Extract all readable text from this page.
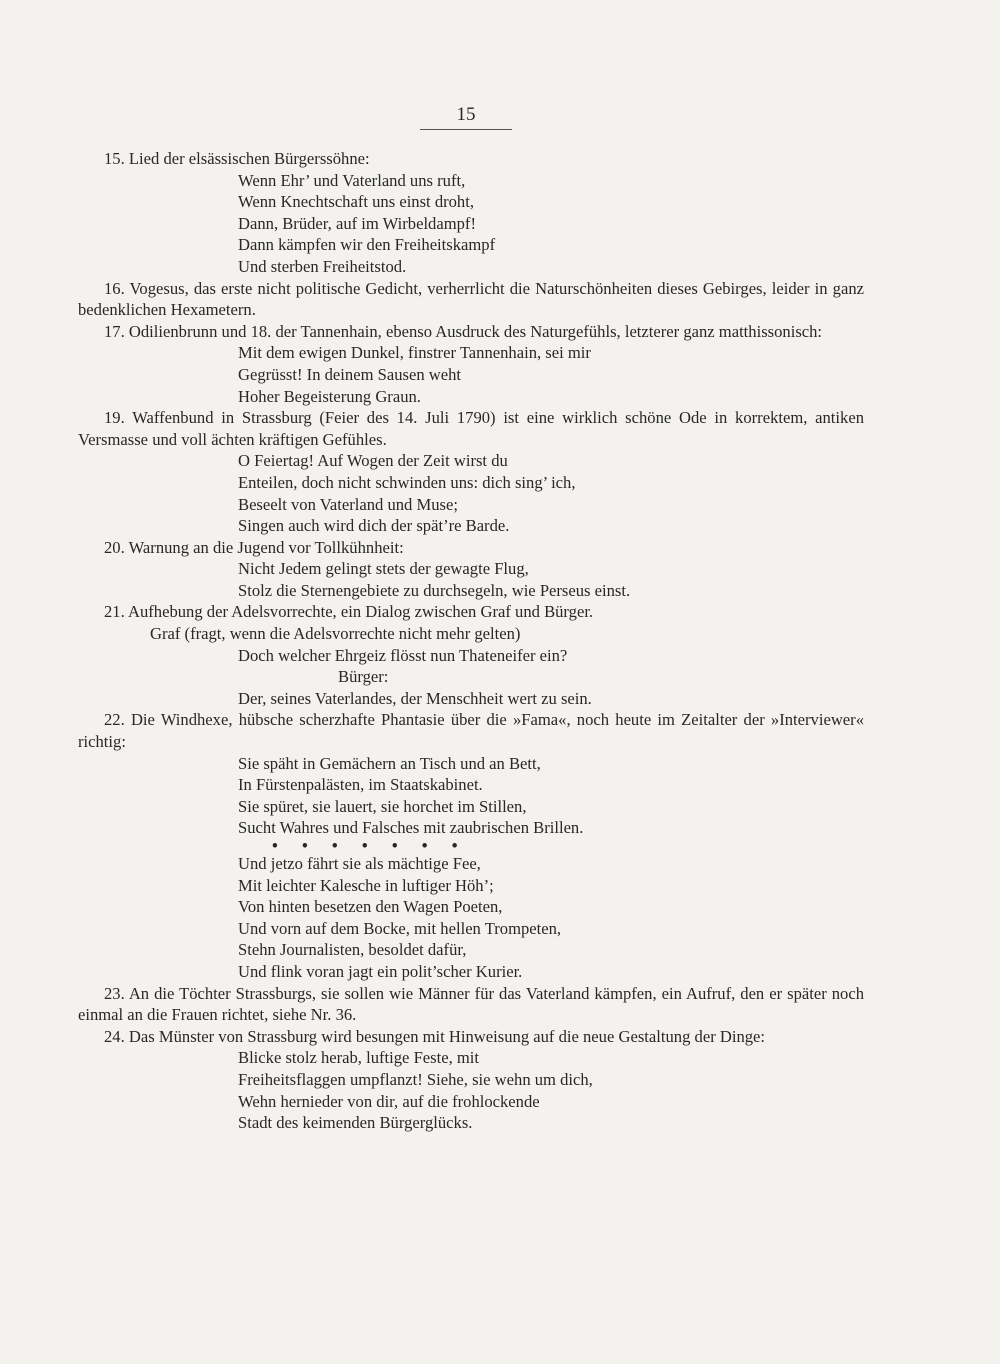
15

15. Lied der elsässischen Bürgerssöhne:

Wenn Ehr’ und Vaterland uns ruft,
Wenn Knechtschaft uns einst droht,
Dann, Brüder, auf im Wirbeldampf!
Dann kämpfen wir den Freiheitskampf
Und sterben Freiheitstod.

16. Vogesus, das erste nicht politische Gedicht, verherrlicht die Naturschönheiten dieses Gebirges, leider in ganz bedenklichen Hexametern.

17. Odilienbrunn und 18. der Tannenhain, ebenso Ausdruck des Naturgefühls, letzterer ganz matthissonisch:

Mit dem ewigen Dunkel, finstrer Tannenhain, sei mir
Gegrüsst! In deinem Sausen weht
Hoher Begeisterung Graun.

19. Waffenbund in Strassburg (Feier des 14. Juli 1790) ist eine wirklich schöne Ode in korrektem, antiken Versmasse und voll ächten kräftigen Gefühles.

O Feiertag! Auf Wogen der Zeit wirst du
Enteilen, doch nicht schwinden uns: dich sing’ ich,
Beseelt von Vaterland und Muse;
Singen auch wird dich der spät’re Barde.

20. Warnung an die Jugend vor Tollkühnheit:

Nicht Jedem gelingt stets der gewagte Flug,
Stolz die Sternengebiete zu durchsegeln, wie Perseus einst.

21. Aufhebung der Adelsvorrechte, ein Dialog zwischen Graf und Bürger.

Graf (fragt, wenn die Adelsvorrechte nicht mehr gelten)

Doch welcher Ehrgeiz flösst nun Thateneifer ein?

Bürger:

Der, seines Vaterlandes, der Menschheit wert zu sein.

22. Die Windhexe, hübsche scherzhafte Phantasie über die »Fama«, noch heute im Zeitalter der »Interviewer« richtig:

Sie späht in Gemächern an Tisch und an Bett,
In Fürstenpalästen, im Staatskabinet.
Sie spüret, sie lauert, sie horchet im Stillen,
Sucht Wahres und Falsches mit zaubrischen Brillen.

• • • • • • •

Und jetzo fährt sie als mächtige Fee,
Mit leichter Kalesche in luftiger Höh’;
Von hinten besetzen den Wagen Poeten,
Und vorn auf dem Bocke, mit hellen Trompeten,
Stehn Journalisten, besoldet dafür,
Und flink voran jagt ein polit’scher Kurier.

23. An die Töchter Strassburgs, sie sollen wie Männer für das Vaterland kämpfen, ein Aufruf, den er später noch einmal an die Frauen richtet, siehe Nr. 36.

24. Das Münster von Strassburg wird besungen mit Hinweisung auf die neue Gestaltung der Dinge:

Blicke stolz herab, luftige Feste, mit
Freiheitsflaggen umpflanzt! Siehe, sie wehn um dich,
Wehn hernieder von dir, auf die frohlockende
Stadt des keimenden Bürgerglücks.
